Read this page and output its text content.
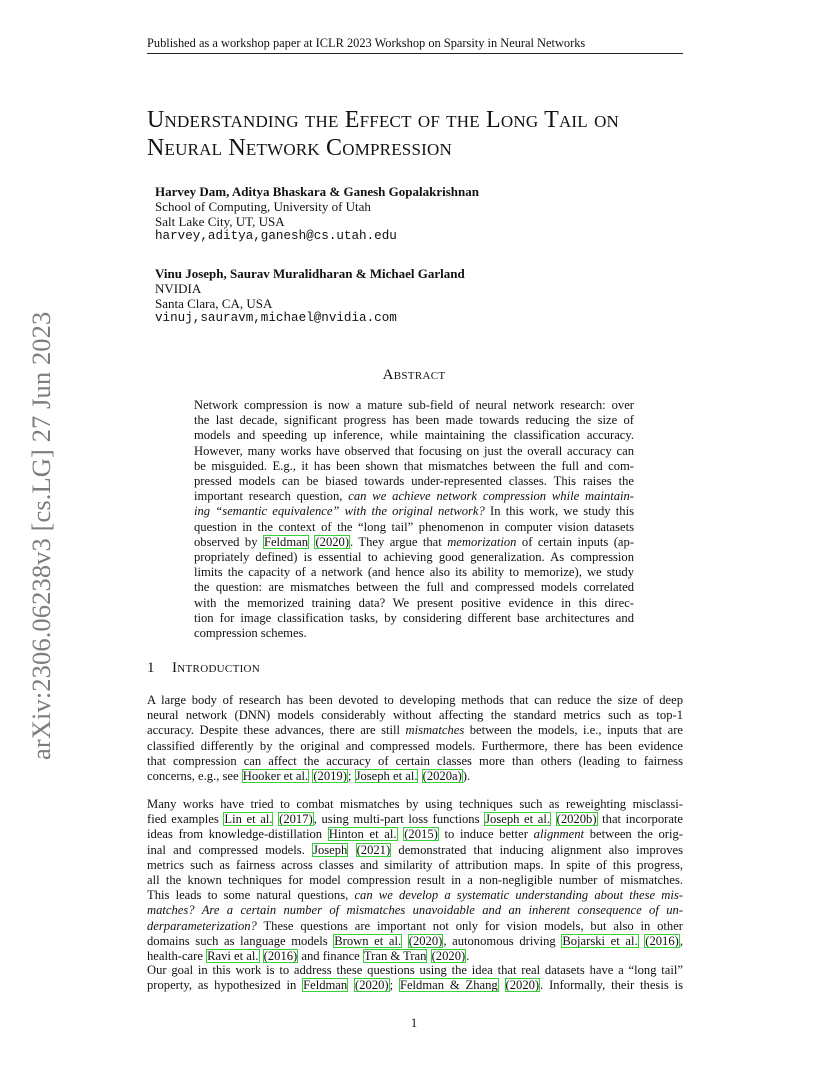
Published as a workshop paper at ICLR 2023 Workshop on Sparsity in Neural Networks
arXiv:2306.06238v3 [cs.LG] 27 Jun 2023
Understanding the Effect of the Long Tail on
Neural Network Compression
Harvey Dam, Aditya Bhaskara & Ganesh Gopalakrishnan
School of Computing, University of Utah
Salt Lake City, UT, USA
harvey,aditya,ganesh@cs.utah.edu
Vinu Joseph, Saurav Muralidharan & Michael Garland
NVIDIA
Santa Clara, CA, USA
vinuj,sauravm,michael@nvidia.com
Abstract
Network compression is now a mature sub-field of neural network research: over
the last decade, significant progress has been made towards reducing the size of
models and speeding up inference, while maintaining the classification accuracy.
However, many works have observed that focusing on just the overall accuracy can
be misguided. E.g., it has been shown that mismatches between the full and com-
pressed models can be biased towards under-represented classes. This raises the
important research question, can we achieve network compression while maintain-
ing “semantic equivalence” with the original network? In this work, we study this
question in the context of the “long tail” phenomenon in computer vision datasets
observed by Feldman (2020). They argue that memorization of certain inputs (ap-
propriately defined) is essential to achieving good generalization. As compression
limits the capacity of a network (and hence also its ability to memorize), we study
the question: are mismatches between the full and compressed models correlated
with the memorized training data? We present positive evidence in this direc-
tion for image classification tasks, by considering different base architectures and
compression schemes.
1 Introduction
A large body of research has been devoted to developing methods that can reduce the size of deep
neural network (DNN) models considerably without affecting the standard metrics such as top-1
accuracy. Despite these advances, there are still mismatches between the models, i.e., inputs that are
classified differently by the original and compressed models. Furthermore, there has been evidence
that compression can affect the accuracy of certain classes more than others (leading to fairness
concerns, e.g., see Hooker et al. (2019); Joseph et al. (2020a)).
Many works have tried to combat mismatches by using techniques such as reweighting misclassi-
fied examples Lin et al. (2017), using multi-part loss functions Joseph et al. (2020b) that incorporate
ideas from knowledge-distillation Hinton et al. (2015) to induce better alignment between the orig-
inal and compressed models. Joseph (2021) demonstrated that inducing alignment also improves
metrics such as fairness across classes and similarity of attribution maps. In spite of this progress,
all the known techniques for model compression result in a non-negligible number of mismatches.
This leads to some natural questions, can we develop a systematic understanding about these mis-
matches? Are a certain number of mismatches unavoidable and an inherent consequence of un-
derparameterization? These questions are important not only for vision models, but also in other
domains such as language models Brown et al. (2020), autonomous driving Bojarski et al. (2016),
health-care Ravi et al. (2016) and finance Tran & Tran (2020).
Our goal in this work is to address these questions using the idea that real datasets have a “long tail”
property, as hypothesized in Feldman (2020); Feldman & Zhang (2020). Informally, their thesis is
1
